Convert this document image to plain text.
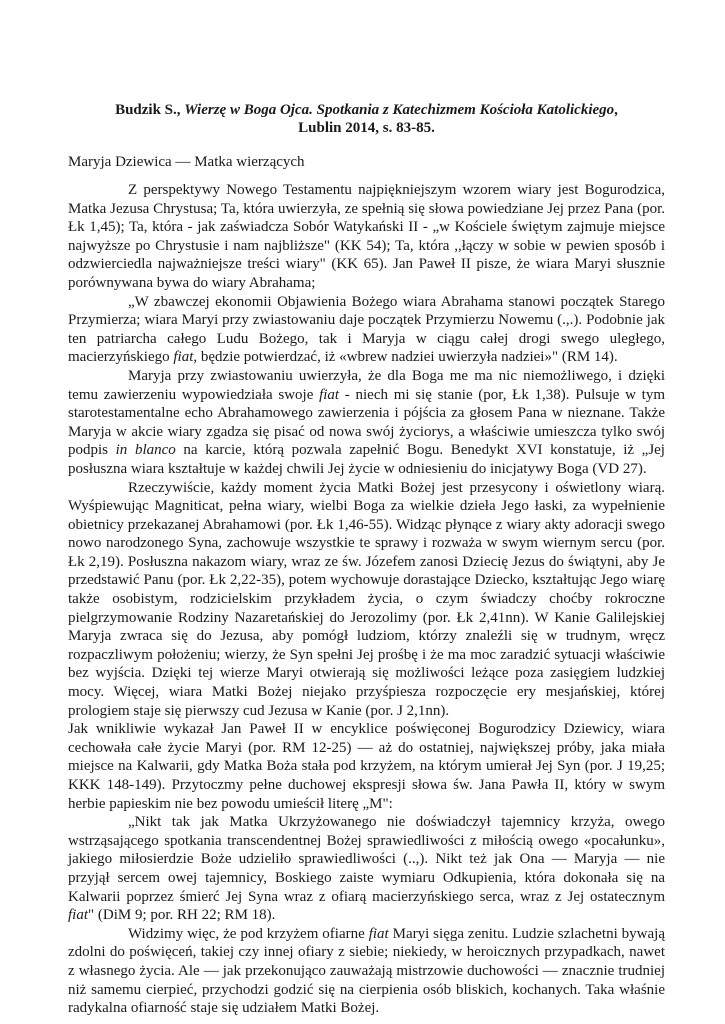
Budzik S., Wierzę w Boga Ojca. Spotkania z Katechizmem Kościoła Katolickiego,
Lublin 2014, s. 83-85.
Maryja Dziewica — Matka wierzących

Z perspektywy Nowego Testamentu najpiękniejszym wzorem wiary jest Bogurodzica, Matka Jezusa Chrystusa; Ta, która uwierzyła, ze spełnią się słowa powiedziane Jej przez Pana (por. Łk 1,45); Ta, która - jak zaświadcza Sobór Watykański II - „w Kościele świętym zajmuje miejsce najwyższe po Chrystusie i nam najbliższe" (KK 54); Ta, która ,,łączy w sobie w pewien sposób i odzwierciedla najważniejsze treści wiary" (KK 65). Jan Paweł II pisze, że wiara Maryi słusznie porównywana bywa do wiary Abrahama;

„W zbawczej ekonomii Objawienia Bożego wiara Abrahama stanowi początek Starego Przymierza; wiara Maryi przy zwiastowaniu daje początek Przymierzu Nowemu (.,.). Podobnie jak ten patriarcha całego Ludu Bożego, tak i Maryja w ciągu całej drogi swego uległego, macierzyńskiego fiat, będzie potwierdzać, iż «wbrew nadziei uwierzyła nadziei»" (RM 14).

Maryja przy zwiastowaniu uwierzyła, że dla Boga me ma nic niemożliwego, i dzięki temu zawierzeniu wypowiedziała swoje fiat - niech mi się stanie (por, Łk 1,38). Pulsuje w tym starotestamentalne echo Abrahamowego zawierzenia i pójścia za głosem Pana w nieznane. Także Maryja w akcie wiary zgadza się pisać od nowa swój życiorys, a właściwie umieszcza tylko swój podpis in blanco na karcie, którą pozwala zapełnić Bogu. Benedykt XVI konstatuje, iż „Jej posłuszna wiara kształtuje w każdej chwili Jej życie w odniesieniu do inicjatywy Boga (VD 27).

Rzeczywiście, każdy moment życia Matki Bożej jest przesycony i oświetlony wiarą. Wyśpiewując Magniticat, pełna wiary, wielbi Boga za wielkie dzieła Jego łaski, za wypełnienie obietnicy przekazanej Abrahamowi (por. Łk 1,46-55). Widząc płynące z wiary akty adoracji swego nowo narodzonego Syna, zachowuje wszystkie te sprawy i rozważa w swym wiernym sercu (por. Łk 2,19). Posłuszna nakazom wiary, wraz ze św. Józefem zanosi Dziecię Jezus do świątyni, aby Je przedstawić Panu (por. Łk 2,22-35), potem wychowuje dorastające Dziecko, kształtując Jego wiarę także osobistym, rodzicielskim przykładem życia, o czym świadczy choćby rokroczne pielgrzymowanie Rodziny Nazaretańskiej do Jerozolimy (por. Łk 2,41nn). W Kanie Galilejskiej Maryja zwraca się do Jezusa, aby pomógł ludziom, którzy znaleźli się w trudnym, wręcz rozpaczliwym położeniu; wierzy, że Syn spełni Jej prośbę i że ma moc zaradzić sytuacji właściwie bez wyjścia. Dzięki tej wierze Maryi otwierają się możliwości leżące poza zasięgiem ludzkiej mocy. Więcej, wiara Matki Bożej niejako przyśpiesza rozpoczęcie ery mesjańskiej, której prologiem staje się pierwszy cud Jezusa w Kanie (por. J 2,1nn).

Jak wnikliwie wykazał Jan Paweł II w encyklice poświęconej Bogurodzicy Dziewicy, wiara cechowała całe życie Maryi (por. RM 12-25) — aż do ostatniej, największej próby, jaka miała miejsce na Kalwarii, gdy Matka Boża stała pod krzyżem, na którym umierał Jej Syn (por. J 19,25; KKK 148-149). Przytoczmy pełne duchowej ekspresji słowa św. Jana Pawła II, który w swym herbie papieskim nie bez powodu umieścił literę „M":

„Nikt tak jak Matka Ukrzyżowanego nie doświadczył tajemnicy krzyża, owego wstrząsającego spotkania transcendentnej Bożej sprawiedliwości z miłością owego «pocałunku», jakiego miłosierdzie Boże udzieliło sprawiedliwości (..,). Nikt też jak Ona — Maryja — nie przyjął sercem owej tajemnicy, Boskiego zaiste wymiaru Odkupienia, która dokonała się na Kalwarii poprzez śmierć Jej Syna wraz z ofiarą macierzyńskiego serca, wraz z Jej ostatecznym fiat" (DiM 9; por. RH 22; RM 18).

Widzimy więc, że pod krzyżem ofiarne fiat Maryi sięga zenitu. Ludzie szlachetni bywają zdolni do poświęceń, takiej czy innej ofiary z siebie; niekiedy, w heroicznych przypadkach, nawet z własnego życia. Ale — jak przekonująco zauważają mistrzowie duchowości — znacznie trudniej niż samemu cierpieć, przychodzi godzić się na cierpienia osób bliskich, kochanych. Taka właśnie radykalna ofiarność staje się udziałem Matki Bożej.
